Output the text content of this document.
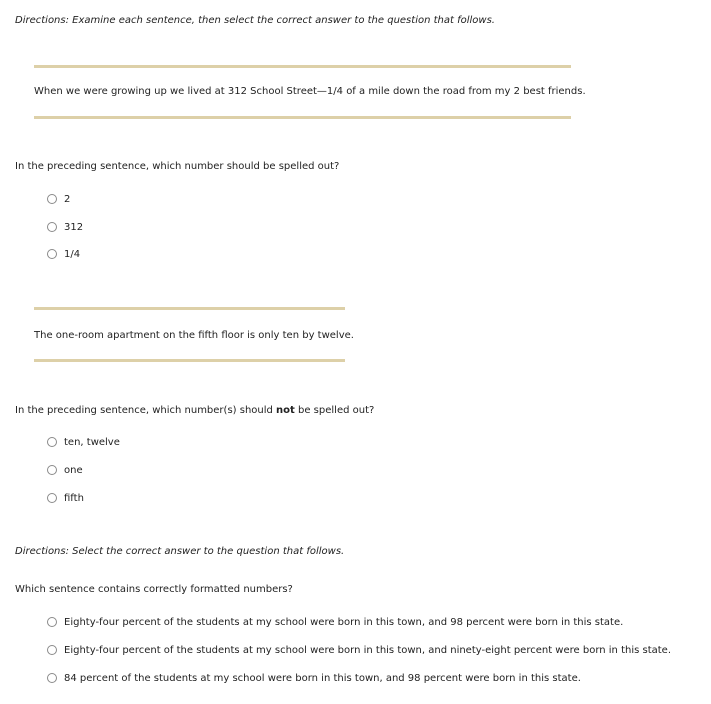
Directions: Examine each sentence, then select the correct answer to the question that follows.
When we were growing up we lived at 312 School Street—1/4 of a mile down the road from my 2 best friends.
In the preceding sentence, which number should be spelled out?
2
312
1/4
The one-room apartment on the fifth floor is only ten by twelve.
In the preceding sentence, which number(s) should not be spelled out?
ten, twelve
one
fifth
Directions: Select the correct answer to the question that follows.
Which sentence contains correctly formatted numbers?
Eighty-four percent of the students at my school were born in this town, and 98 percent were born in this state.
Eighty-four percent of the students at my school were born in this town, and ninety-eight percent were born in this state.
84 percent of the students at my school were born in this town, and 98 percent were born in this state.
